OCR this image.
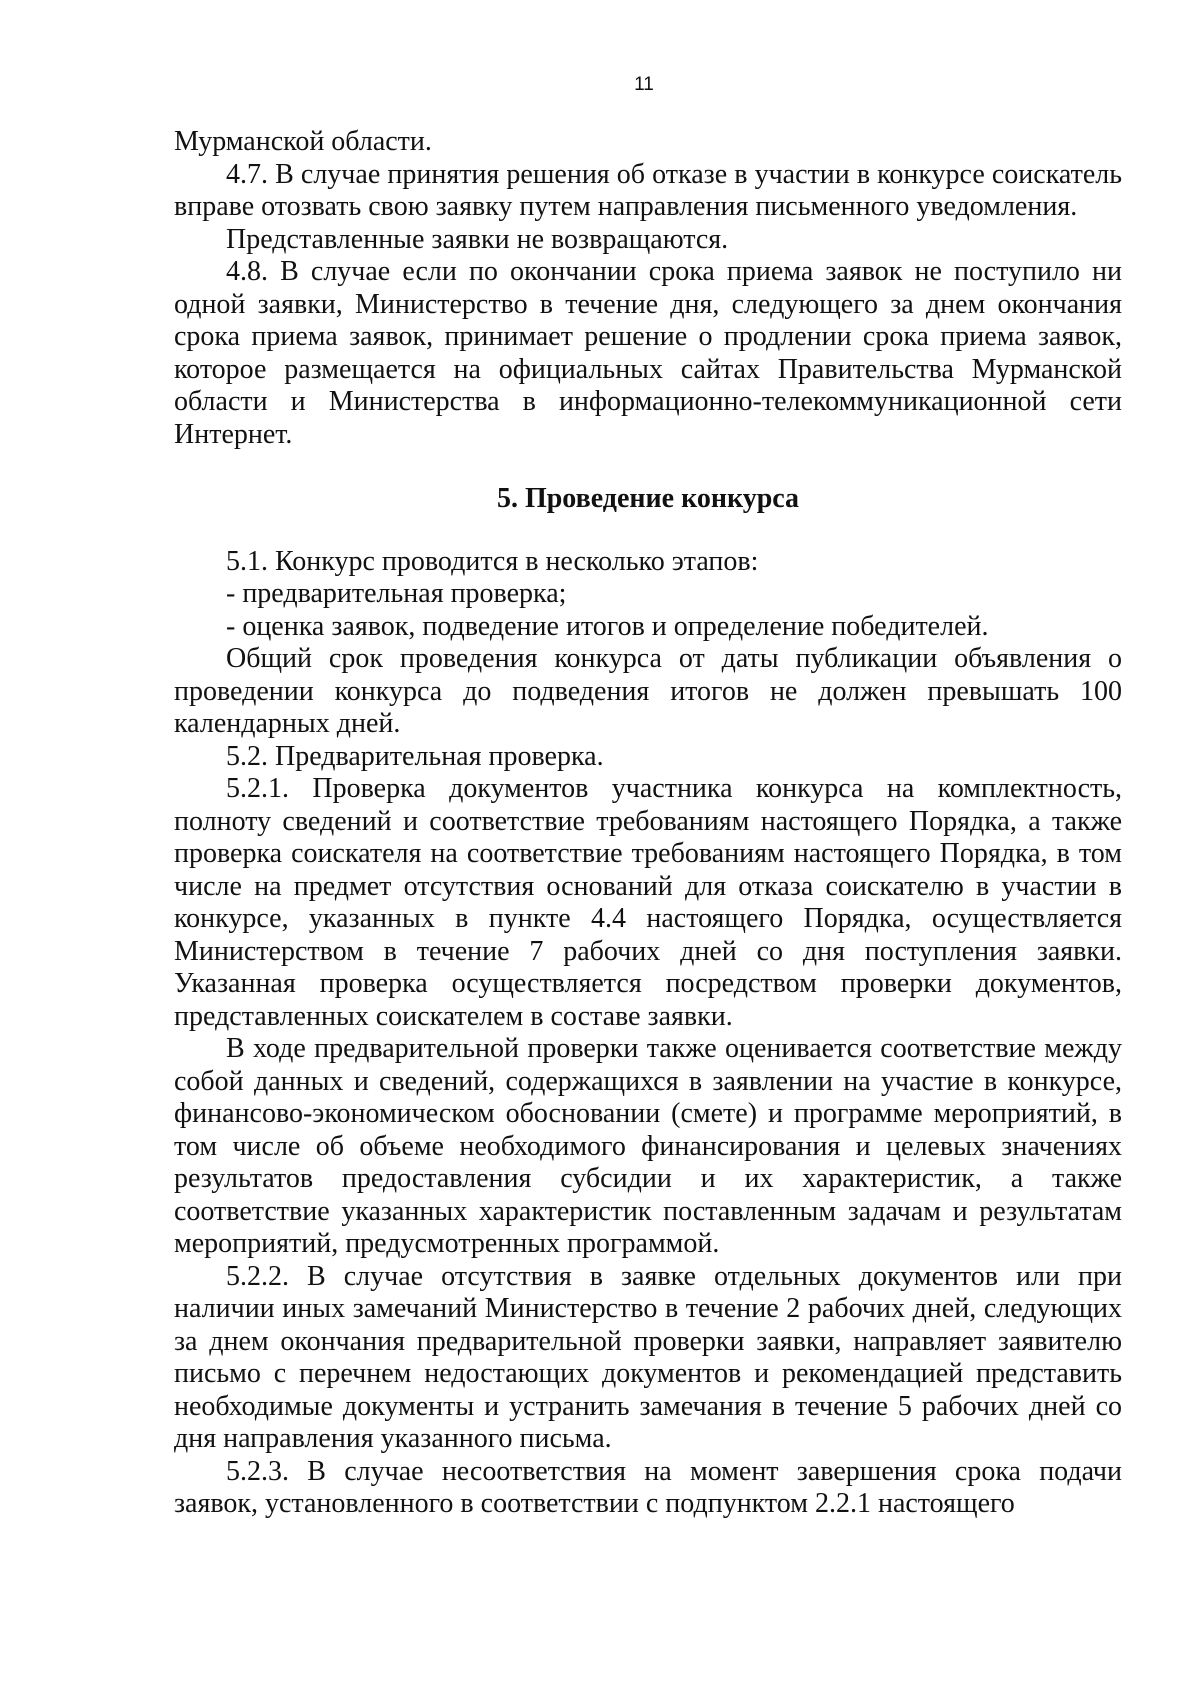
11

Мурманской области.

4.7. В случае принятия решения об отказе в участии в конкурсе соискатель вправе отозвать свою заявку путем направления письменного уведомления.

Представленные заявки не возвращаются.

4.8. В случае если по окончании срока приема заявок не поступило ни одной заявки, Министерство в течение дня, следующего за днем окончания срока приема заявок, принимает решение о продлении срока приема заявок, которое размещается на официальных сайтах Правительства Мурманской области и Министерства в информационно-телекоммуникационной сети Интернет.

5. Проведение конкурса

5.1. Конкурс проводится в несколько этапов:

- предварительная проверка;

- оценка заявок, подведение итогов и определение победителей.

Общий срок проведения конкурса от даты публикации объявления о проведении конкурса до подведения итогов не должен превышать 100 календарных дней.

5.2. Предварительная проверка.

5.2.1. Проверка документов участника конкурса на комплектность, полноту сведений и соответствие требованиям настоящего Порядка, а также проверка соискателя на соответствие требованиям настоящего Порядка, в том числе на предмет отсутствия оснований для отказа соискателю в участии в конкурсе, указанных в пункте 4.4 настоящего Порядка, осуществляется Министерством в течение 7 рабочих дней со дня поступления заявки. Указанная проверка осуществляется посредством проверки документов, представленных соискателем в составе заявки.

В ходе предварительной проверки также оценивается соответствие между собой данных и сведений, содержащихся в заявлении на участие в конкурсе, финансово-экономическом обосновании (смете) и программе мероприятий, в том числе об объеме необходимого финансирования и целевых значениях результатов предоставления субсидии и их характеристик, а также соответствие указанных характеристик поставленным задачам и результатам мероприятий, предусмотренных программой.

5.2.2. В случае отсутствия в заявке отдельных документов или при наличии иных замечаний Министерство в течение 2 рабочих дней, следующих за днем окончания предварительной проверки заявки, направляет заявителю письмо с перечнем недостающих документов и рекомендацией представить необходимые документы и устранить замечания в течение 5 рабочих дней со дня направления указанного письма.

5.2.3. В случае несоответствия на момент завершения срока подачи заявок, установленного в соответствии с подпунктом 2.2.1 настоящего
